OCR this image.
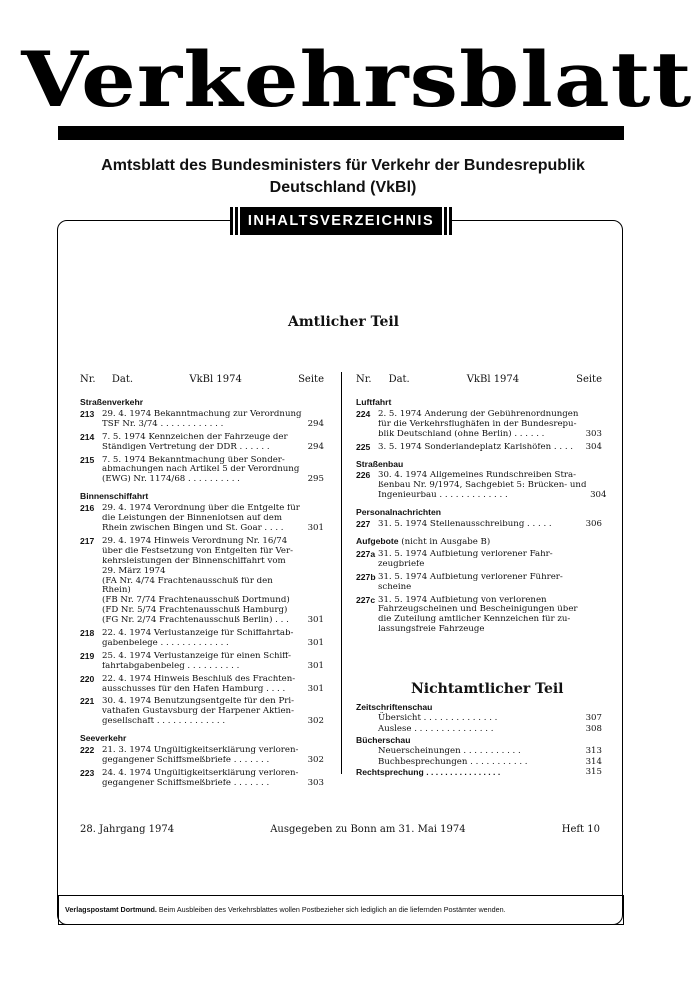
Verkehrsblatt
Amtsblatt des Bundesministers für Verkehr der Bundesrepublik Deutschland (VkBl)
INHALTSVERZEICHNIS
Amtlicher Teil
Nr. Dat.	VkBl 1974	Seite	Nr. Dat.	VkBl 1974	Seite
Straßenverkehr
213 29. 4. 1974 Bekanntmachung zur Verordnung
TSF Nr. 3/74 . . . . . . . . . . . .	294
214 7. 5. 1974 Kennzeichen der Fahrzeuge der
Ständigen Vertretung der DDR . . . . . .	294
215 7. 5. 1974 Bekanntmachung über Sonder-
abmachungen nach Artikel 5 der Verordnung
(EWG) Nr. 1174/68 . . . . . . . . . .	295
Binnenschiffahrt
216 29. 4. 1974 Verordnung über die Entgelte für
die Leistungen der Binnenlotsen auf dem
Rhein zwischen Bingen und St. Goar . . . .	301
217 29. 4. 1974 Hinweis Verordnung Nr. 16/74
über die Festsetzung von Entgelten für Ver-
kehrsleistungen der Binnenschiffahrt vom
29. März 1974
(FA Nr. 4/74 Frachtenausschuß für den
Rhein)
(FB Nr. 7/74 Frachtenausschuß Dortmund)
(FD Nr. 5/74 Frachtenausschuß Hamburg)
(FG Nr. 2/74 Frachtenausschuß Berlin) . . .	301
218 22. 4. 1974 Verlustanzeige für Schiffahrtab-
gabenbelege . . . . . . . . . . . . .	301
219 25. 4. 1974 Verlustanzeige für einen Schiff-
fahrtabgabenbeleg . . . . . . . . . .	301
220 22. 4. 1974 Hinweis Beschluß des Frachten-
ausschusses für den Hafen Hamburg . . . .	301
221 30. 4. 1974 Benutzungsentgelte für den Pri-
vathafen Gustavsburg der Harpener Aktien-
gesellschaft . . . . . . . . . . . . .	302
Seeverkehr
222 21. 3. 1974 Ungültigkeitserklärung verloren-
gegangener Schiffsmeßbriefe . . . . . . .	302
223 24. 4. 1974 Ungültigkeitserklärung verloren-
gegangener Schiffsmeßbriefe . . . . . . .	303
Luftfahrt
224 2. 5. 1974 Änderung der Gebührenordnungen
für die Verkehrsflughäfen in der Bundesrepu-
blik Deutschland (ohne Berlin) . . . . . .	303
225 3. 5. 1974 Sonderlandeplatz Karlshöfen . . . .	304
Straßenbau
226 30. 4. 1974 Allgemeines Rundschreiben Stra-
ßenbau Nr. 9/1974, Sachgebiet 5: Brücken- und
Ingenieurbau . . . . . . . . . . . . .	304
Personalnachrichten
227 31. 5. 1974 Stellenausschreibung . . . . .	306
Aufgebote (nicht in Ausgabe B)
227a 31. 5. 1974 Aufbietung verlorener Fahr-
zeugbriefe
227b 31. 5. 1974 Aufbietung verlorener Führer-
scheine
227c 31. 5. 1974 Aufbietung von verlorenen
Fahrzeugscheinen und Bescheinigungen über
die Zuteilung amtlicher Kennzeichen für zu-
lassungsfreie Fahrzeuge
Nichtamtlicher Teil
Zeitschriftenschau
Übersicht . . . . . . . . . . . . . .	307
Auslese . . . . . . . . . . . . . . .	308
Bücherschau
Neuerscheinungen . . . . . . . . . . .	313
Buchbesprechungen . . . . . . . . . . .	314
Rechtsprechung . . . . . . . . . . . . . . . .	315
28. Jahrgang 1974	Ausgegeben zu Bonn am 31. Mai 1974	Heft 10
Verlagspostamt Dortmund. Beim Ausbleiben des Verkehrsblattes wollen Postbezieher sich lediglich an die liefernden Postämter wenden.
